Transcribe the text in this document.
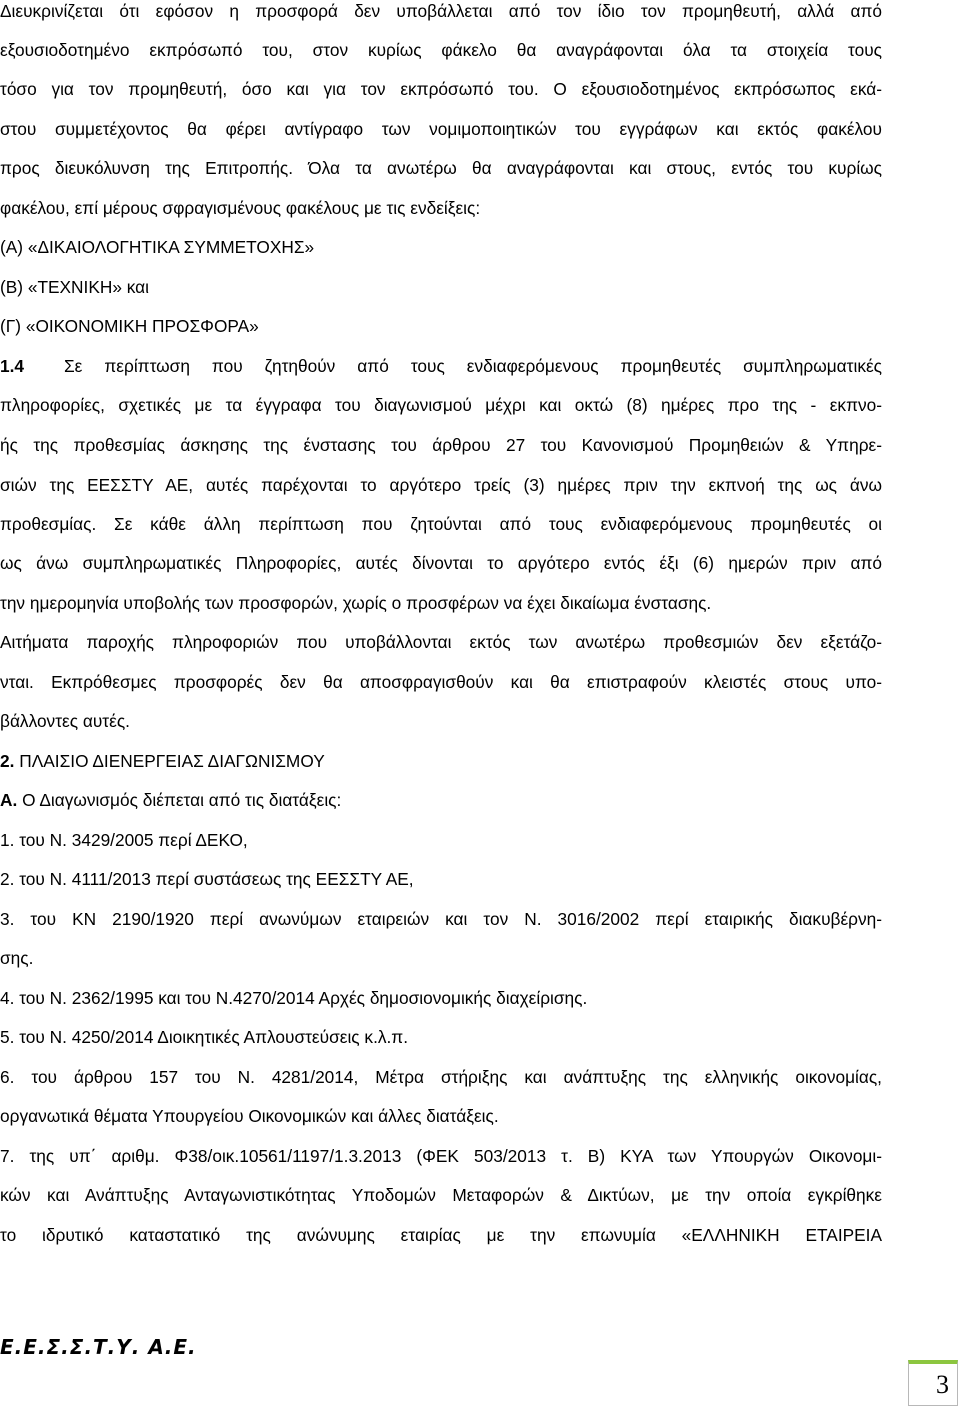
Διευκρινίζεται ότι εφόσον η προσφορά δεν υποβάλλεται από τον ίδιο τον προμηθευτή, αλλά από
εξουσιοδοτημένο εκπρόσωπό του, στον κυρίως φάκελο θα αναγράφονται όλα τα στοιχεία τους
τόσο για τον προμηθευτή, όσο και για τον εκπρόσωπό του. Ο εξουσιοδοτημένος εκπρόσωπος εκά-
στου συμμετέχοντος θα φέρει αντίγραφο των νομιμοποιητικών του εγγράφων και εκτός φακέλου
προς διευκόλυνση της Επιτροπής. Όλα τα ανωτέρω θα αναγράφονται και στους, εντός του κυρίως
φακέλου, επί μέρους σφραγισμένους φακέλους με τις ενδείξεις:
(Α) «ΔΙΚΑΙΟΛΟΓΗΤΙΚΑ ΣΥΜΜΕΤΟΧΗΣ»
(Β) «ΤΕΧΝΙΚΗ» και
(Γ) «ΟΙΚΟΝΟΜΙΚΗ ΠΡΟΣΦΟΡΑ»
1.4 Σε περίπτωση που ζητηθούν από τους ενδιαφερόμενους προμηθευτές συμπληρωματικές
πληροφορίες, σχετικές με τα έγγραφα του διαγωνισμού μέχρι και οκτώ (8) ημέρες προ της - εκπνο-
ής της προθεσμίας άσκησης της ένστασης του άρθρου 27 του Κανονισμού Προμηθειών & Υπηρε-
σιών της ΕΕΣΣΤΥ ΑΕ, αυτές παρέχονται το αργότερο τρείς (3) ημέρες πριν την εκπνοή της ως άνω
προθεσμίας. Σε κάθε άλλη περίπτωση που ζητούνται από τους ενδιαφερόμενους προμηθευτές οι
ως άνω συμπληρωματικές Πληροφορίες, αυτές δίνονται το αργότερο εντός έξι (6) ημερών πριν από
την ημερομηνία υποβολής των προσφορών, χωρίς ο προσφέρων να έχει δικαίωμα ένστασης.
Αιτήματα παροχής πληροφοριών που υποβάλλονται εκτός των ανωτέρω προθεσμιών δεν εξετάζο-
νται. Εκπρόθεσμες προσφορές δεν θα αποσφραγισθούν και θα επιστραφούν κλειστές στους υπο-
βάλλοντες αυτές.
2. ΠΛΑΙΣΙΟ ΔΙΕΝΕΡΓΕΙΑΣ ΔΙΑΓΩΝΙΣΜΟΥ
Α. Ο Διαγωνισμός διέπεται από τις διατάξεις:
1. του Ν. 3429/2005 περί ΔΕΚΟ,
2. του Ν. 4111/2013 περί συστάσεως της ΕΕΣΣΤΥ ΑΕ,
3. του ΚΝ 2190/1920 περί ανωνύμων εταιρειών και τον Ν. 3016/2002 περί εταιρικής διακυβέρνη-
σης.
4. του Ν. 2362/1995 και του Ν.4270/2014 Αρχές δημοσιονομικής διαχείρισης.
5. του Ν. 4250/2014 Διοικητικές Απλουστεύσεις κ.λ.π.
6. του άρθρου 157 του Ν. 4281/2014, Μέτρα στήριξης και ανάπτυξης της ελληνικής οικονομίας,
οργανωτικά θέματα Υπουργείου Οικονομικών και άλλες διατάξεις.
7. της υπ΄ αριθμ. Φ38/οικ.10561/1197/1.3.2013 (ΦΕΚ 503/2013 τ. Β) ΚΥΑ των Υπουργών Οικονομι-
κών και Ανάπτυξης Ανταγωνιστικότητας Υποδομών Μεταφορών & Δικτύων, με την οποία εγκρίθηκε
το ιδρυτικό καταστατικό της ανώνυμης εταιρίας με την επωνυμία «ΕΛΛΗΝΙΚΗ ΕΤΑΙΡΕΙΑ
Ε.Ε.Σ.Σ.Τ.Υ. Α.Ε.
3
